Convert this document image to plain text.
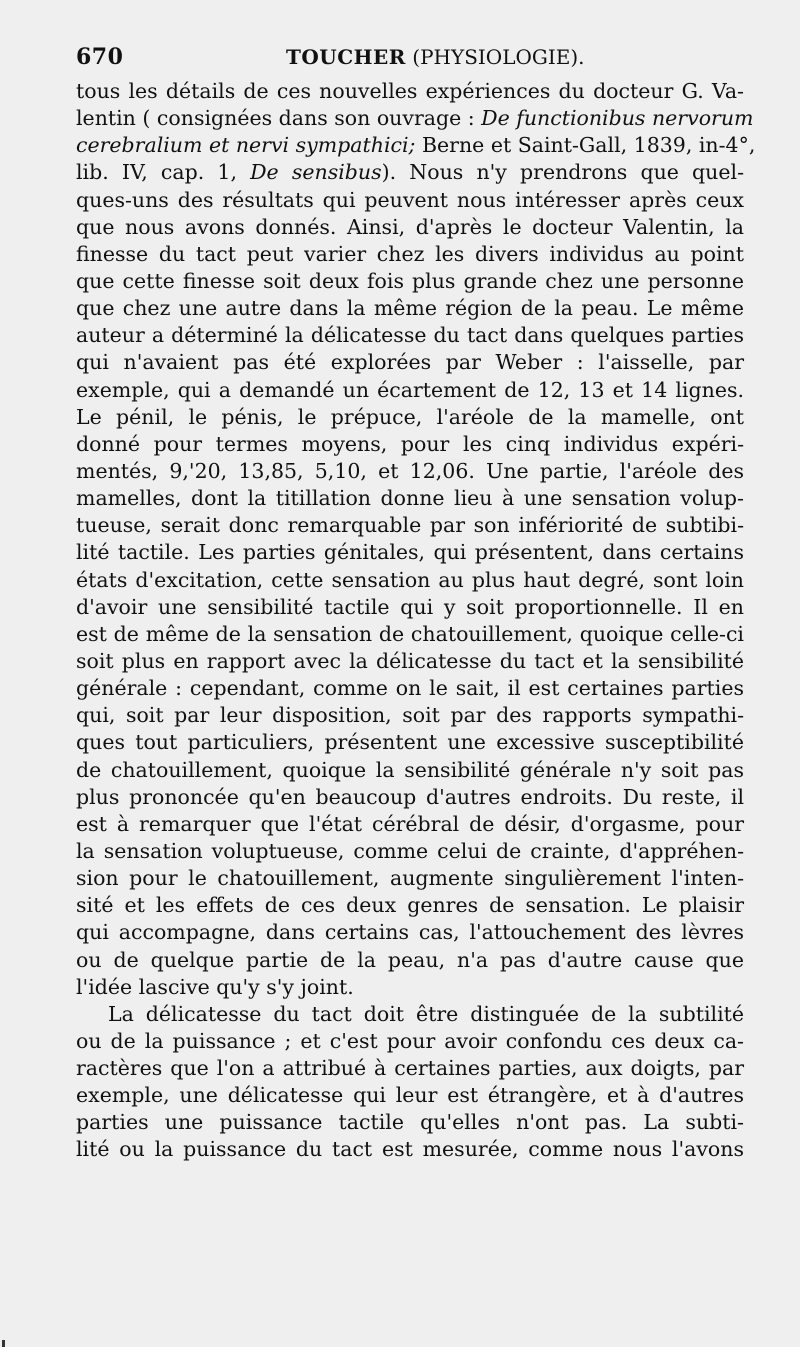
670	TOUCHER (PHYSIOLOGIE).
tous les détails de ces nouvelles expériences du docteur G. Va-
lentin ( consignées dans son ouvrage : De functionibus nervorum
cerebralium et nervi sympathici; Berne et Saint-Gall, 1839, in-4°,
lib. IV, cap. 1, De sensibus). Nous n'y prendrons que quel-
ques-uns des résultats qui peuvent nous intéresser après ceux
que nous avons donnés. Ainsi, d'après le docteur Valentin, la
finesse du tact peut varier chez les divers individus au point
que cette finesse soit deux fois plus grande chez une personne
que chez une autre dans la même région de la peau. Le même
auteur a déterminé la délicatesse du tact dans quelques parties
qui n'avaient pas été explorées par Weber : l'aisselle, par
exemple, qui a demandé un écartement de 12, 13 et 14 lignes.
Le pénil, le pénis, le prépuce, l'aréole de la mamelle, ont
donné pour termes moyens, pour les cinq individus expéri-
mentés, 9,'20, 13,85, 5,10, et 12,06. Une partie, l'aréole des
mamelles, dont la titillation donne lieu à une sensation volup-
tueuse, serait donc remarquable par son infériorité de subtibi-
lité tactile. Les parties génitales, qui présentent, dans certains
états d'excitation, cette sensation au plus haut degré, sont loin
d'avoir une sensibilité tactile qui y soit proportionnelle. Il en
est de même de la sensation de chatouillement, quoique celle-ci
soit plus en rapport avec la délicatesse du tact et la sensibilité
générale : cependant, comme on le sait, il est certaines parties
qui, soit par leur disposition, soit par des rapports sympathi-
ques tout particuliers, présentent une excessive susceptibilité
de chatouillement, quoique la sensibilité générale n'y soit pas
plus prononcée qu'en beaucoup d'autres endroits. Du reste, il
est à remarquer que l'état cérébral de désir, d'orgasme, pour
la sensation voluptueuse, comme celui de crainte, d'appréhen-
sion pour le chatouillement, augmente singulièrement l'inten-
sité et les effets de ces deux genres de sensation. Le plaisir
qui accompagne, dans certains cas, l'attouchement des lèvres
ou de quelque partie de la peau, n'a pas d'autre cause que
l'idée lascive qu'y s'y joint.
La délicatesse du tact doit être distinguée de la subtilité
ou de la puissance ; et c'est pour avoir confondu ces deux ca-
ractères que l'on a attribué à certaines parties, aux doigts, par
exemple, une délicatesse qui leur est étrangère, et à d'autres
parties une puissance tactile qu'elles n'ont pas. La subti-
lité ou la puissance du tact est mesurée, comme nous l'avons
